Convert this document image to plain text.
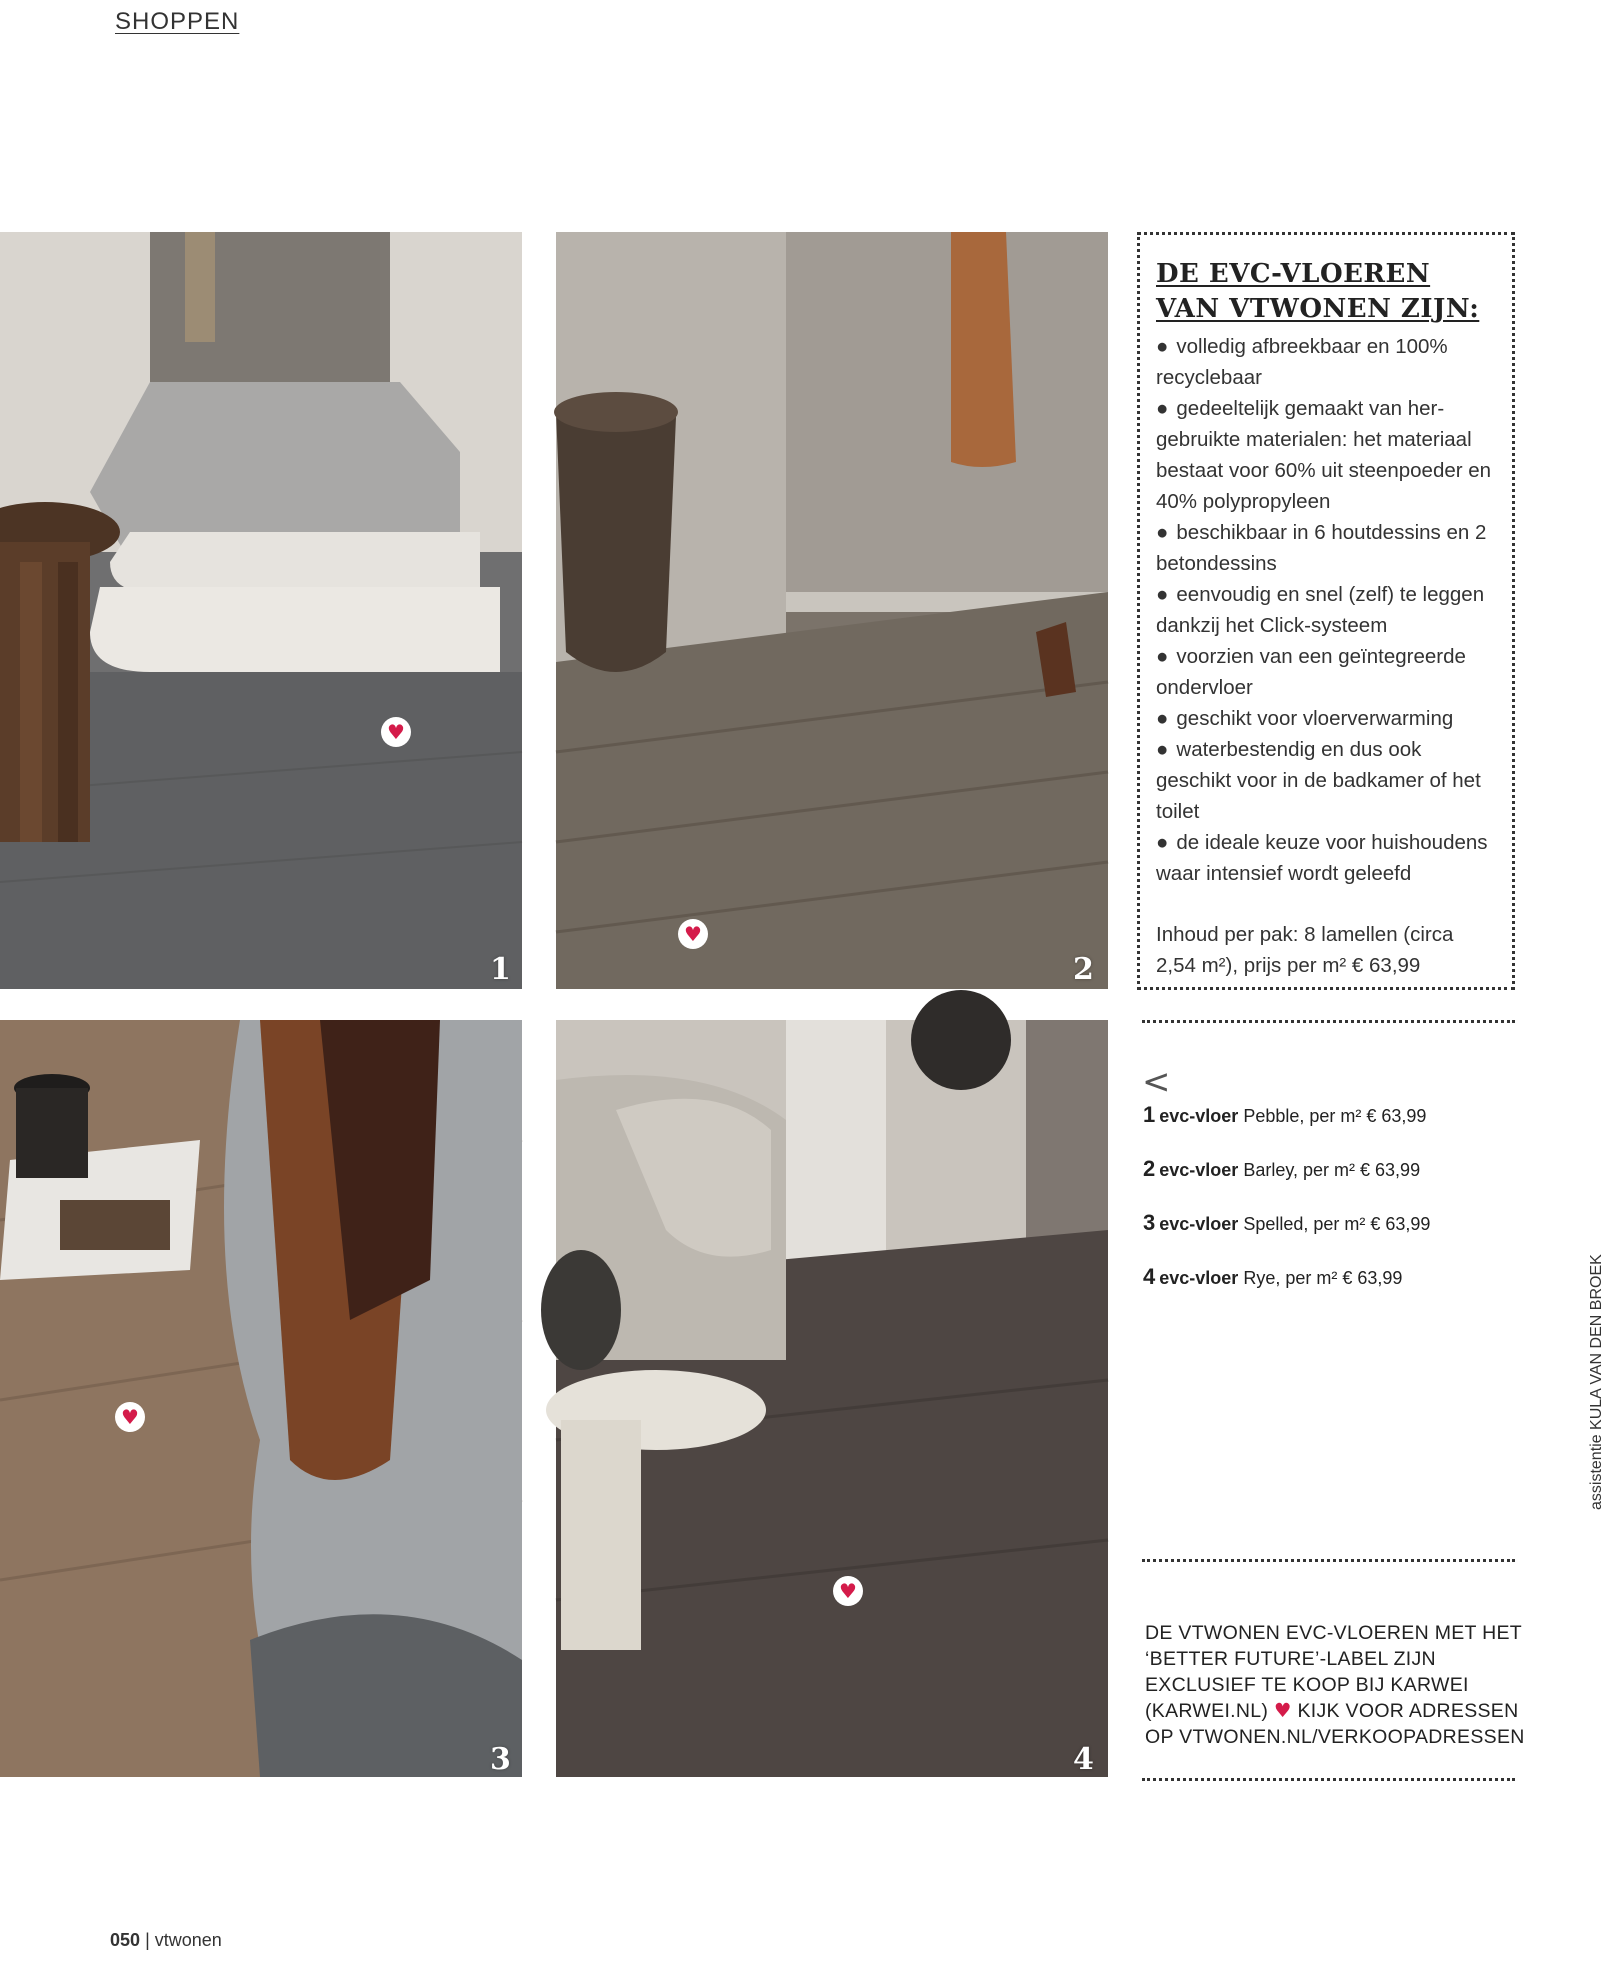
SHOPPEN
1	2
3	4
♥
♥
♥
♥
DE EVC-VLOEREN
VAN VTWONEN ZIJN:
● volledig afbreekbaar en 100% recyclebaar
● gedeeltelijk gemaakt van her-gebruikte materialen: het materiaal bestaat voor 60% uit steenpoeder en 40% polypropyleen
● beschikbaar in 6 houtdessins en 2 betondessins
● eenvoudig en snel (zelf) te leggen dankzij het Click-systeem
● voorzien van een geïntegreerde ondervloer
● geschikt voor vloerverwarming
● waterbestendig en dus ook geschikt voor in de badkamer of het toilet
● de ideale keuze voor huishoudens waar intensief wordt geleefd

Inhoud per pak: 8 lamellen (circa 2,54 m²), prijs per m² € 63,99

<
1 evc-vloer Pebble, per m² € 63,99
2 evc-vloer Barley, per m² € 63,99
3 evc-vloer Spelled, per m² € 63,99
4 evc-vloer Rye, per m² € 63,99
DE VTWONEN EVC-VLOEREN MET HET ‘BETTER FUTURE’-LABEL ZIJN EXCLUSIEF TE KOOP BIJ KARWEI (KARWEI.NL) ♥ KIJK VOOR ADRESSEN OP VTWONEN.NL/VERKOOPADRESSEN
assistentie KULA VAN DEN BROEK
050 | vtwonen
